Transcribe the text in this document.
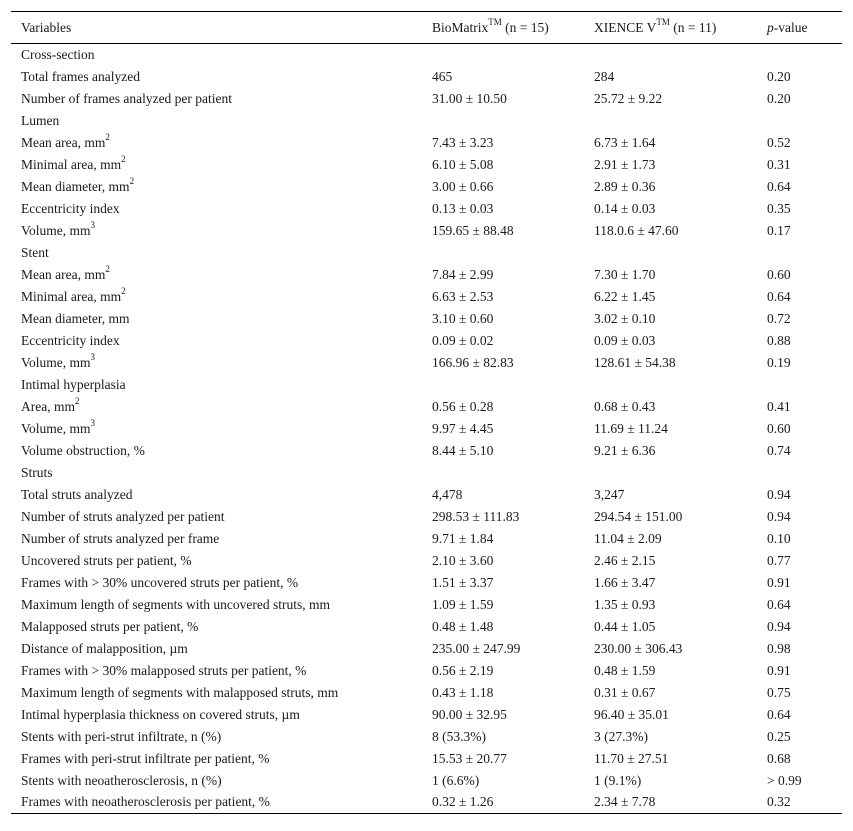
Variables	BioMatrix™ (n = 15)	XIENCE V™ (n = 11)	p-value
Cross-section			
Total frames analyzed	465	284	0.20
Number of frames analyzed per patient	31.00 ± 10.50	25.72 ± 9.22	0.20
Lumen			
Mean area, $mm^2$	7.43 ± 3.23	6.73 ± 1.64	0.52
Minimal area, $mm^2$	6.10 ± 5.08	2.91 ± 1.73	0.31
Mean diameter, $mm^2$	3.00 ± 0.66	2.89 ± 0.36	0.64
Eccentricity index	0.13 ± 0.03	0.14 ± 0.03	0.35
Volume, $mm^3$	159.65 ± 88.48	118.0.6 ± 47.60	0.17
Stent			
Mean area, $mm^2$	7.84 ± 2.99	7.30 ± 1.70	0.60
Minimal area, $mm^2$	6.63 ± 2.53	6.22 ± 1.45	0.64
Mean diameter, mm	3.10 ± 0.60	3.02 ± 0.10	0.72
Eccentricity index	0.09 ± 0.02	0.09 ± 0.03	0.88
Volume, $mm^3$	166.96 ± 82.83	128.61 ± 54.38	0.19
Intimal hyperplasia			
Area, $mm^2$	0.56 ± 0.28	0.68 ± 0.43	0.41
Volume, $mm^3$	9.97 ± 4.45	11.69 ± 11.24	0.60
Volume obstruction, %	8.44 ± 5.10	9.21 ± 6.36	0.74
Struts			
Total struts analyzed	4,478	3,247	0.94
Number of struts analyzed per patient	298.53 ± 111.83	294.54 ± 151.00	0.94
Number of struts analyzed per frame	9.71 ± 1.84	11.04 ± 2.09	0.10
Uncovered struts per patient, %	2.10 ± 3.60	2.46 ± 2.15	0.77
Frames with > 30% uncovered struts per patient, %	1.51 ± 3.37	1.66 ± 3.47	0.91
Maximum length of segments with uncovered struts, mm	1.09 ± 1.59	1.35 ± 0.93	0.64
Malapposed struts per patient, %	0.48 ± 1.48	0.44 ± 1.05	0.94
Distance of malapposition, µm	235.00 ± 247.99	230.00 ± 306.43	0.98
Frames with > 30% malapposed struts per patient, %	0.56 ± 2.19	0.48 ± 1.59	0.91
Maximum length of segments with malapposed struts, mm	0.43 ± 1.18	0.31 ± 0.67	0.75
Intimal hyperplasia thickness on covered struts, µm	90.00 ± 32.95	96.40 ± 35.01	0.64
Stents with peri-strut infiltrate, n (%)	8 (53.3%)	3 (27.3%)	0.25
Frames with peri-strut infiltrate per patient, %	15.53 ± 20.77	11.70 ± 27.51	0.68
Stents with neoatherosclerosis, n (%)	1 (6.6%)	1 (9.1%)	> 0.99
Frames with neoatherosclerosis per patient, %	0.32 ± 1.26	2.34 ± 7.78	0.32
